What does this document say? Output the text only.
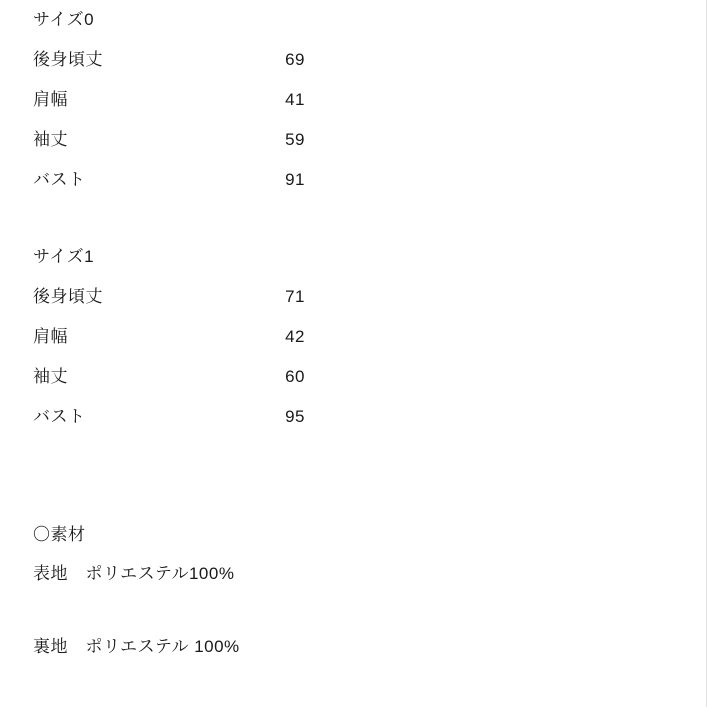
サイズ0
後身頃丈	69
肩幅	41
袖丈	59
バスト	91
サイズ1
後身頃丈	71
肩幅	42
袖丈	60
バスト	95
〇素材
表地　ポリエステル100%
裏地　ポリエステル 100%
